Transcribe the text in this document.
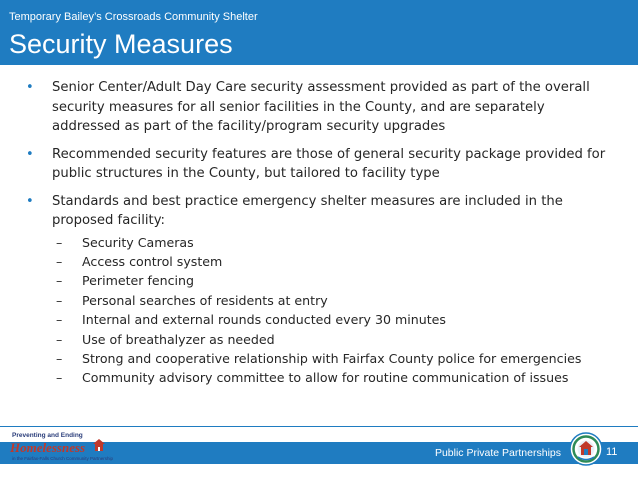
Temporary Bailey’s Crossroads Community Shelter
Security Measures
• Senior Center/Adult Day Care security assessment provided as part of the overall security measures for all senior facilities in the County, and are separately addressed as part of the facility/program security upgrades
• Recommended security features are those of general security package provided for public structures in the County, but tailored to facility type
• Standards and best practice emergency shelter measures are included in the proposed facility:
– Security Cameras
– Access control system
– Perimeter fencing
– Personal searches of residents at entry
– Internal and external rounds conducted every 30 minutes
– Use of breathalyzer as needed
– Strong and cooperative relationship with Fairfax County police for emergencies
– Community advisory committee to allow for routine communication of issues
Preventing and Ending
Homelessness
in the Fairfax-Falls Church Community Partnership	Public Private Partnerships	11
